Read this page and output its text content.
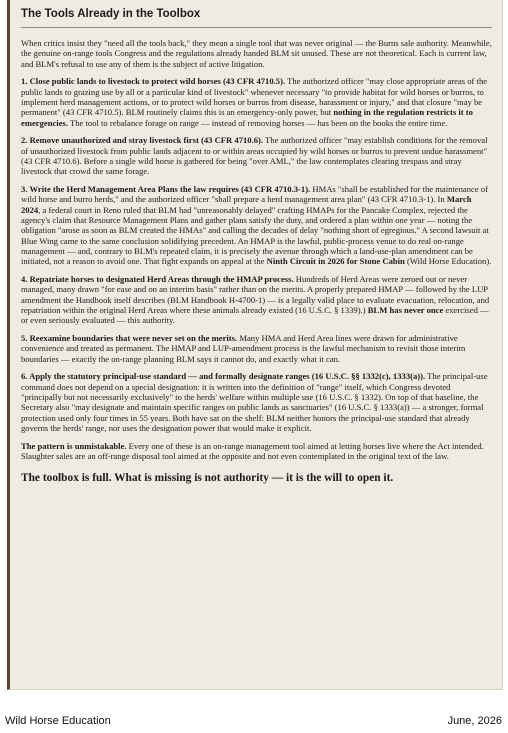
The Tools Already in the Toolbox

When critics insist they "need all the tools back," they mean a single tool that was never original — the Burns sale authority. Meanwhile, the genuine on-range tools Congress and the regulations already handed BLM sit unused. These are not theoretical. Each is current law, and BLM's refusal to use any of them is the subject of active litigation.

1. Close public lands to livestock to protect wild horses (43 CFR 4710.5). The authorized officer "may close appropriate areas of the public lands to grazing use by all or a particular kind of livestock" whenever necessary "to provide habitat for wild horses or burros, to implement herd management actions, or to protect wild horses or burros from disease, harassment or injury," and that closure "may be permanent" (43 CFR 4710.5). BLM routinely claims this is an emergency-only power, but nothing in the regulation restricts it to emergencies. The tool to rebalance forage on range — instead of removing horses — has been on the books the entire time.

2. Remove unauthorized and stray livestock first (43 CFR 4710.6). The authorized officer "may establish conditions for the removal of unauthorized livestock from public lands adjacent to or within areas occupied by wild horses or burros to prevent undue harassment" (43 CFR 4710.6). Before a single wild horse is gathered for being "over AML," the law contemplates clearing trespass and stray livestock that crowd the same forage.

3. Write the Herd Management Area Plans the law requires (43 CFR 4710.3-1). HMAs "shall be established for the maintenance of wild horse and burro herds," and the authorized officer "shall prepare a herd management area plan" (43 CFR 4710.3-1). In March 2024, a federal court in Reno ruled that BLM had "unreasonably delayed" crafting HMAPs for the Pancake Complex, rejected the agency's claim that Resource Management Plans and gather plans satisfy the duty, and ordered a plan within one year — noting the obligation "arose as soon as BLM created the HMAs" and calling the decades of delay "nothing short of egregious." A second lawsuit at Blue Wing came to the same conclusion solidifying precedent. An HMAP is the lawful, public-process venue to do real on-range management — and, contrary to BLM's repeated claim, it is precisely the avenue through which a land-use-plan amendment can be initiated, not a reason to avoid one. That fight expands on appeal at the Ninth Circuit in 2026 for Stone Cabin (Wild Horse Education).

4. Repatriate horses to designated Herd Areas through the HMAP process. Hundreds of Herd Areas were zeroed out or never managed, many drawn "for ease and on an interim basis" rather than on the merits. A properly prepared HMAP — followed by the LUP amendment the Handbook itself describes (BLM Handbook H-4700-1) — is a legally valid place to evaluate evacuation, relocation, and repatriation within the original Herd Areas where these animals already existed (16 U.S.C. § 1339).) BLM has never once exercised — or even seriously evaluated — this authority.

5. Reexamine boundaries that were never set on the merits. Many HMA and Herd Area lines were drawn for administrative convenience and treated as permanent. The HMAP and LUP-amendment process is the lawful mechanism to revisit those interim boundaries — exactly the on-range planning BLM says it cannot do, and exactly what it can.

6. Apply the statutory principal-use standard — and formally designate ranges (16 U.S.C. §§ 1332(c), 1333(a)). The principal-use command does not depend on a special designation: it is written into the definition of "range" itself, which Congress devoted "principally but not necessarily exclusively" to the herds' welfare within multiple use (16 U.S.C. § 1332). On top of that baseline, the Secretary also "may designate and maintain specific ranges on public lands as sanctuaries" (16 U.S.C. § 1333(a)) — a stronger, formal protection used only four times in 55 years. Both have sat on the shelf: BLM neither honors the principal-use standard that already governs the herds' range, nor uses the designation power that would make it explicit.

The pattern is unmistakable. Every one of these is an on-range management tool aimed at letting horses live where the Act intended. Slaughter sales are an off-range disposal tool aimed at the opposite and not even contemplated in the original text of the law.

The toolbox is full. What is missing is not authority — it is the will to open it.

Wild Horse Education	June, 2026
